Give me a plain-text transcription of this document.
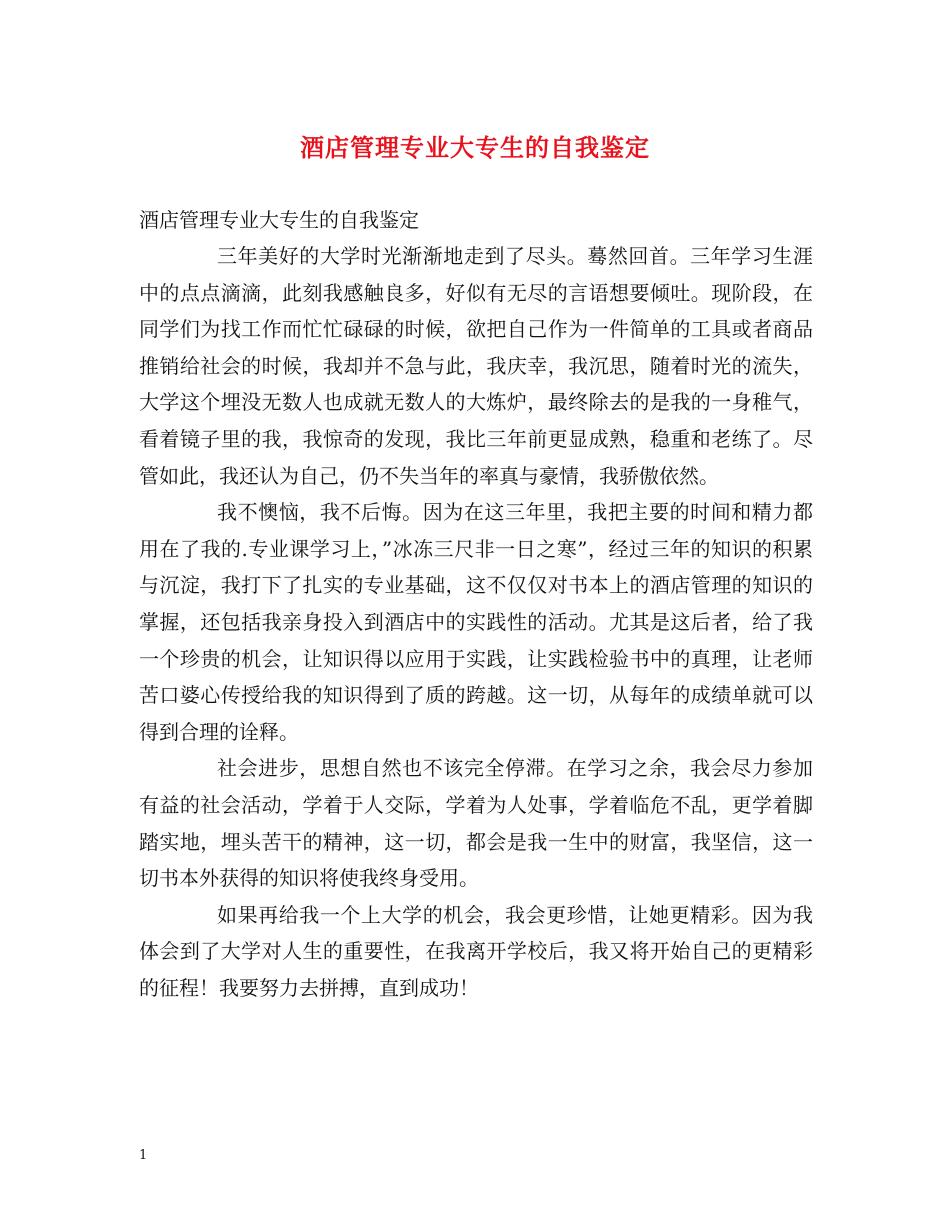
酒店管理专业大专生的自我鉴定
酒店管理专业大专生的自我鉴定

三年美好的大学时光渐渐地走到了尽头。蓦然回首。三年学习生涯中的点点滴滴，此刻我感触良多，好似有无尽的言语想要倾吐。现阶段，在同学们为找工作而忙忙碌碌的时候，欲把自己作为一件简单的工具或者商品推销给社会的时候，我却并不急与此，我庆幸，我沉思，随着时光的流失，大学这个埋没无数人也成就无数人的大炼炉，最终除去的是我的一身稚气，看着镜子里的我，我惊奇的发现，我比三年前更显成熟，稳重和老练了。尽管如此，我还认为自己，仍不失当年的率真与豪情，我骄傲依然。

我不懊恼，我不后悔。因为在这三年里，我把主要的时间和精力都用在了我的.专业课学习上，”冰冻三尺非一日之寒”，经过三年的知识的积累与沉淀，我打下了扎实的专业基础，这不仅仅对书本上的酒店管理的知识的掌握，还包括我亲身投入到酒店中的实践性的活动。尤其是这后者，给了我一个珍贵的机会，让知识得以应用于实践，让实践检验书中的真理，让老师苦口婆心传授给我的知识得到了质的跨越。这一切，从每年的成绩单就可以得到合理的诠释。

社会进步，思想自然也不该完全停滞。在学习之余，我会尽力参加有益的社会活动，学着于人交际，学着为人处事，学着临危不乱，更学着脚踏实地，埋头苦干的精神，这一切，都会是我一生中的财富，我坚信，这一切书本外获得的知识将使我终身受用。

如果再给我一个上大学的机会，我会更珍惜，让她更精彩。因为我体会到了大学对人生的重要性，在我离开学校后，我又将开始自己的更精彩的征程！我要努力去拼搏，直到成功！

1
